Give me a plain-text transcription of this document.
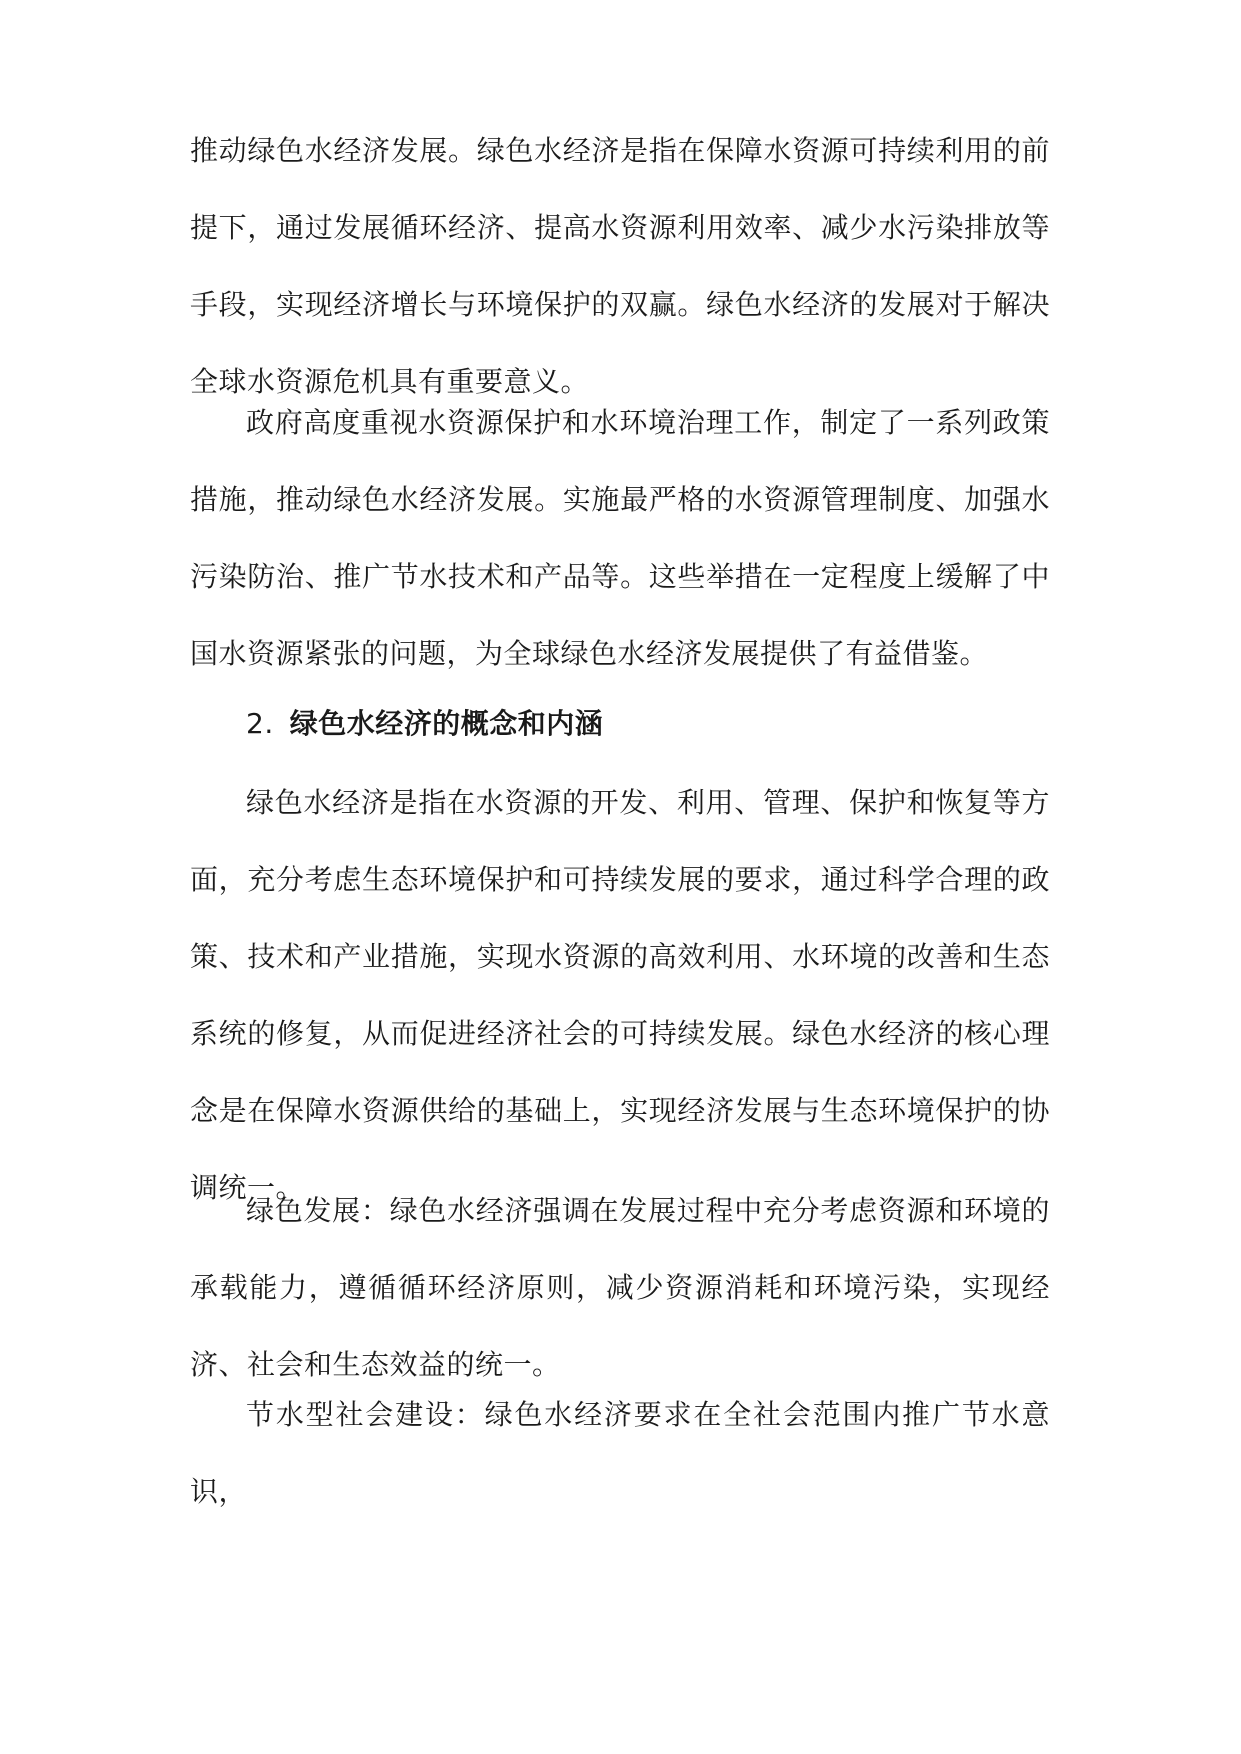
推动绿色水经济发展。绿色水经济是指在保障水资源可持续利用的前提下，通过发展循环经济、提高水资源利用效率、减少水污染排放等手段，实现经济增长与环境保护的双赢。绿色水经济的发展对于解决全球水资源危机具有重要意义。

政府高度重视水资源保护和水环境治理工作，制定了一系列政策措施，推动绿色水经济发展。实施最严格的水资源管理制度、加强水污染防治、推广节水技术和产品等。这些举措在一定程度上缓解了中国水资源紧张的问题，为全球绿色水经济发展提供了有益借鉴。

2. 绿色水经济的概念和内涵

绿色水经济是指在水资源的开发、利用、管理、保护和恢复等方面，充分考虑生态环境保护和可持续发展的要求，通过科学合理的政策、技术和产业措施，实现水资源的高效利用、水环境的改善和生态系统的修复，从而促进经济社会的可持续发展。绿色水经济的核心理念是在保障水资源供给的基础上，实现经济发展与生态环境保护的协调统一。

绿色发展：绿色水经济强调在发展过程中充分考虑资源和环境的承载能力，遵循循环经济原则，减少资源消耗和环境污染，实现经济、社会和生态效益的统一。

节水型社会建设：绿色水经济要求在全社会范围内推广节水意识，
